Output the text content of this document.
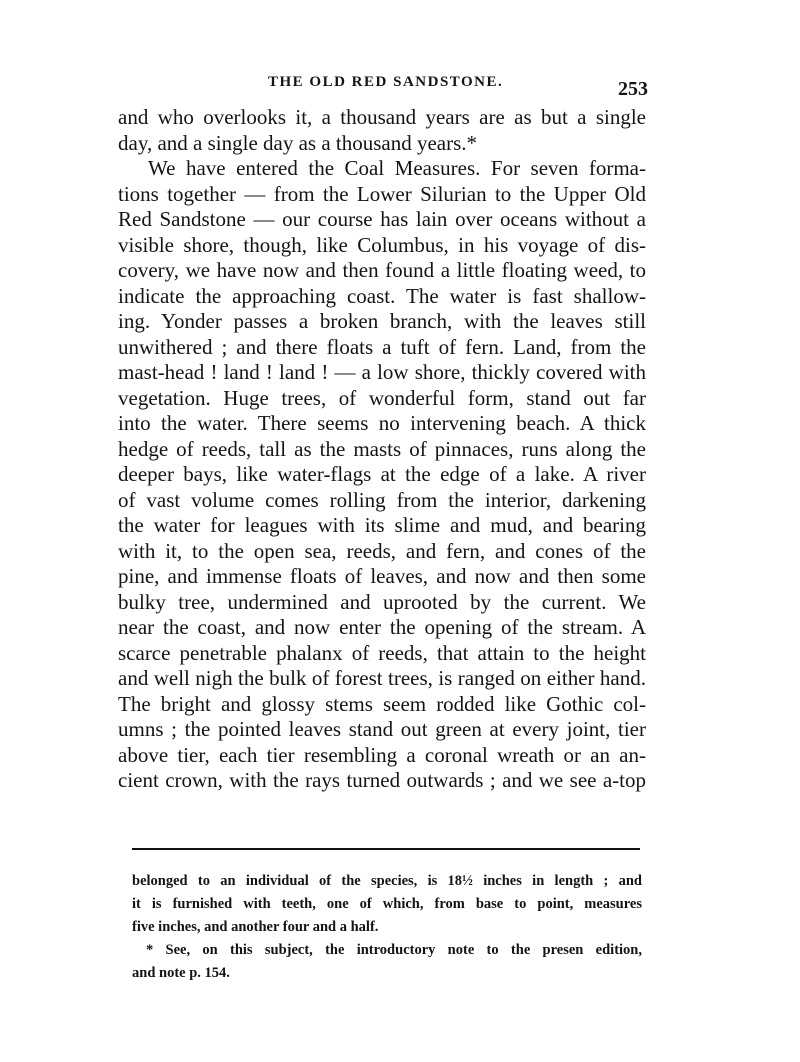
THE OLD RED SANDSTONE.	253
and who overlooks it, a thousand years are as but a single
day, and a single day as a thousand years.*
We have entered the Coal Measures. For seven forma-
tions together — from the Lower Silurian to the Upper Old
Red Sandstone — our course has lain over oceans without a
visible shore, though, like Columbus, in his voyage of dis-
covery, we have now and then found a little floating weed, to
indicate the approaching coast. The water is fast shallow-
ing. Yonder passes a broken branch, with the leaves still
unwithered ; and there floats a tuft of fern. Land, from the
mast-head ! land ! land ! — a low shore, thickly covered with
vegetation. Huge trees, of wonderful form, stand out far
into the water. There seems no intervening beach. A thick
hedge of reeds, tall as the masts of pinnaces, runs along the
deeper bays, like water-flags at the edge of a lake. A river
of vast volume comes rolling from the interior, darkening
the water for leagues with its slime and mud, and bearing
with it, to the open sea, reeds, and fern, and cones of the
pine, and immense floats of leaves, and now and then some
bulky tree, undermined and uprooted by the current. We
near the coast, and now enter the opening of the stream. A
scarce penetrable phalanx of reeds, that attain to the height
and well nigh the bulk of forest trees, is ranged on either hand.
The bright and glossy stems seem rodded like Gothic col-
umns ; the pointed leaves stand out green at every joint, tier
above tier, each tier resembling a coronal wreath or an an-
cient crown, with the rays turned outwards ; and we see a-top
belonged to an individual of the species, is 18½ inches in length ; and
it is furnished with teeth, one of which, from base to point, measures
five inches, and another four and a half.
* See, on this subject, the introductory note to the presen edition,
and note p. 154.
